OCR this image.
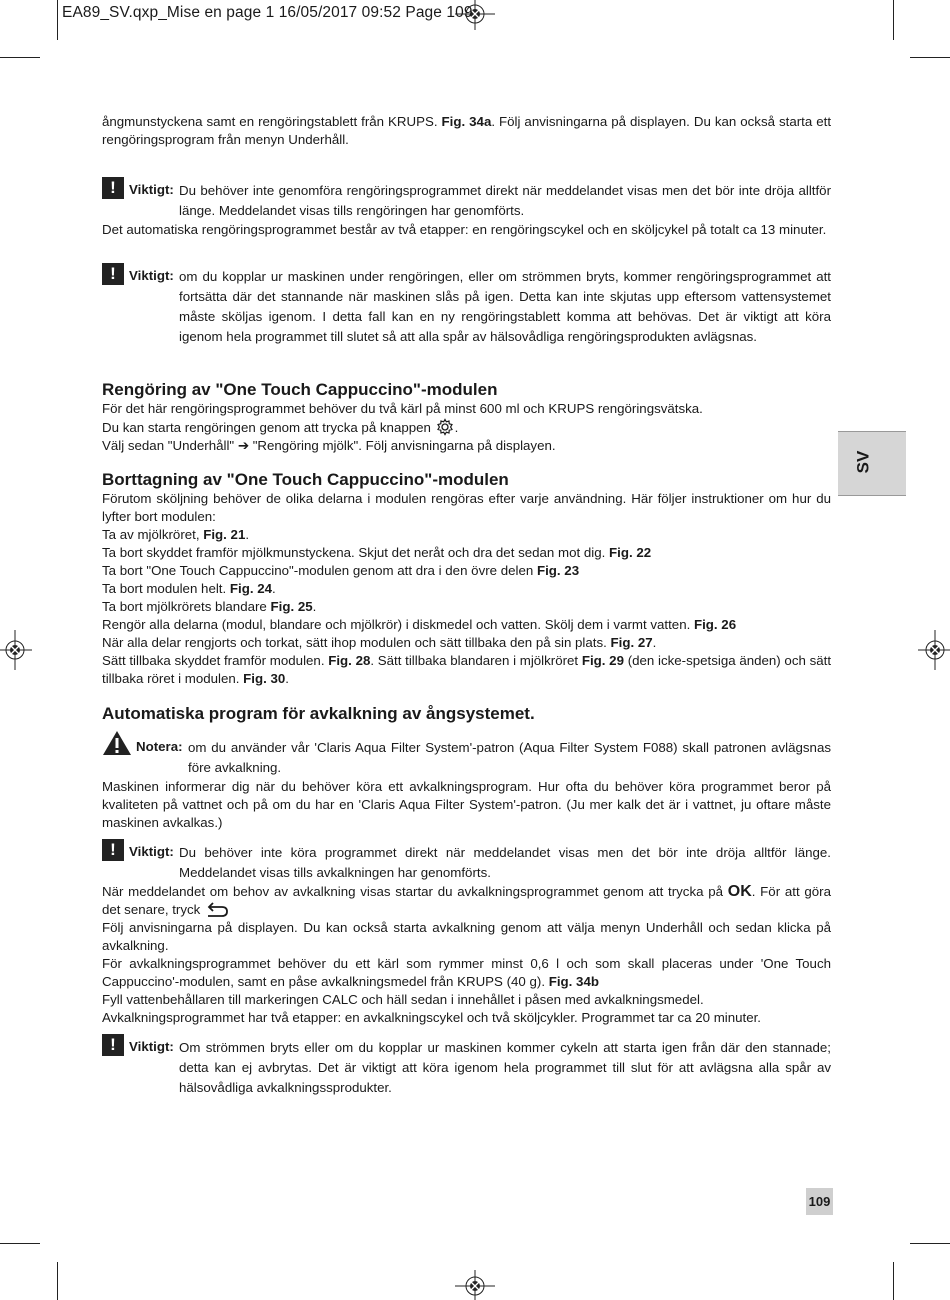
EA89_SV.qxp_Mise en page 1 16/05/2017 09:52 Page 109
SV
109

ångmunstyckena samt en rengöringstablett från KRUPS. Fig. 34a. Följ anvisningarna på displayen. Du kan också starta ett rengöringsprogram från menyn Underhåll.

! Viktigt: Du behöver inte genomföra rengöringsprogrammet direkt när meddelandet visas men det bör inte dröja alltför länge. Meddelandet visas tills rengöringen har genomförts.

Det automatiska rengöringsprogrammet består av två etapper: en rengöringscykel och en sköljcykel på totalt ca 13 minuter.

! Viktigt: om du kopplar ur maskinen under rengöringen, eller om strömmen bryts, kommer rengöringsprogrammet att fortsätta där det stannande när maskinen slås på igen. Detta kan inte skjutas upp eftersom vattensystemet måste sköljas igenom. I detta fall kan en ny rengöringstablett komma att behövas. Det är viktigt att köra igenom hela programmet till slutet så att alla spår av hälsovådliga rengöringsprodukten avlägsnas.

Rengöring av "One Touch Cappuccino"-modulen

För det här rengöringsprogrammet behöver du två kärl på minst 600 ml och KRUPS rengöringsvätska.

Du kan starta rengöringen genom att trycka på knappen .

Välj sedan "Underhåll" ➔ "Rengöring mjölk". Följ anvisningarna på displayen.

Borttagning av "One Touch Cappuccino"-modulen

Förutom sköljning behöver de olika delarna i modulen rengöras efter varje användning. Här följer instruktioner om hur du lyfter bort modulen:

Ta av mjölkröret, Fig. 21.

Ta bort skyddet framför mjölkmunstyckena. Skjut det neråt och dra det sedan mot dig. Fig. 22

Ta bort "One Touch Cappuccino"-modulen genom att dra i den övre delen Fig. 23

Ta bort modulen helt. Fig. 24.

Ta bort mjölkrörets blandare Fig. 25.

Rengör alla delarna (modul, blandare och mjölkrör) i diskmedel och vatten. Skölj dem i varmt vatten. Fig. 26

När alla delar rengjorts och torkat, sätt ihop modulen och sätt tillbaka den på sin plats. Fig. 27.

Sätt tillbaka skyddet framför modulen. Fig. 28. Sätt tillbaka blandaren i mjölkröret Fig. 29 (den icke-spetsiga änden) och sätt tillbaka röret i modulen. Fig. 30.

Automatiska program för avkalkning av ångsystemet.
Notera: om du använder vår 'Claris Aqua Filter System'-patron (Aqua Filter System F088) skall patronen avlägsnas före avkalkning.

Maskinen informerar dig när du behöver köra ett avkalkningsprogram. Hur ofta du behöver köra programmet beror på kvaliteten på vattnet och på om du har en 'Claris Aqua Filter System'-patron. (Ju mer kalk det är i vattnet, ju oftare måste maskinen avkalkas.)

! Viktigt: Du behöver inte köra programmet direkt när meddelandet visas men det bör inte dröja alltför länge. Meddelandet visas tills avkalkningen har genomförts.

När meddelandet om behov av avkalkning visas startar du avkalkningsprogrammet genom att trycka på OK. För att göra det senare, tryck

Följ anvisningarna på displayen. Du kan också starta avkalkning genom att välja menyn Underhåll och sedan klicka på avkalkning.

För avkalkningsprogrammet behöver du ett kärl som rymmer minst 0,6 l och som skall placeras under 'One Touch Cappuccino'-modulen, samt en påse avkalkningsmedel från KRUPS (40 g). Fig. 34b

Fyll vattenbehållaren till markeringen CALC och häll sedan i innehållet i påsen med avkalkningsmedel.

Avkalkningsprogrammet har två etapper: en avkalkningscykel och två sköljcykler. Programmet tar ca 20 minuter.

! Viktigt: Om strömmen bryts eller om du kopplar ur maskinen kommer cykeln att starta igen från där den stannade; detta kan ej avbrytas. Det är viktigt att köra igenom hela programmet till slut för att avlägsna alla spår av hälsovådliga avkalkningssprodukter.
